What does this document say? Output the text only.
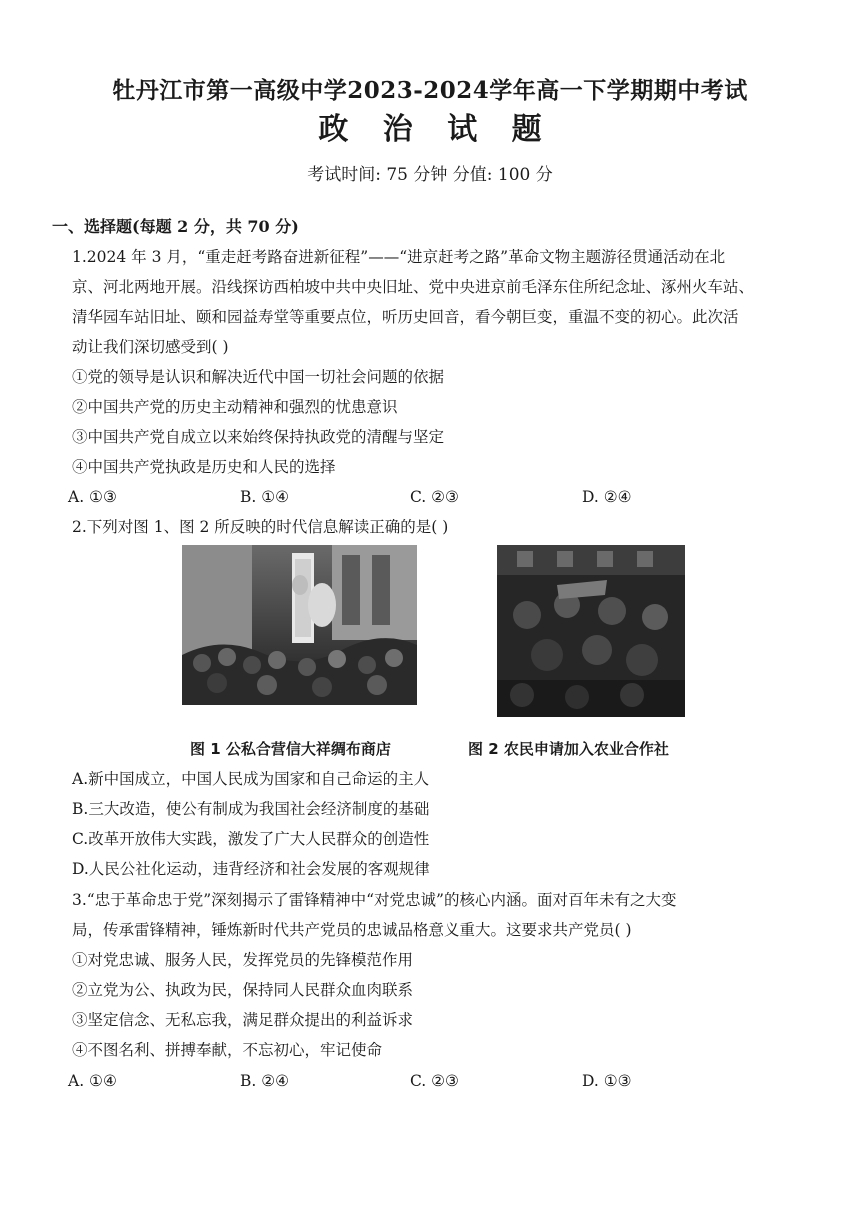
牡丹江市第一高级中学2023-2024学年高一下学期期中考试
政 治 试 题
考试时间: 75 分钟 分值: 100 分
一、选择题(每题 2 分，共 70 分)
1.2024 年 3 月，“重走赶考路奋进新征程”——“进京赶考之路”革命文物主题游径贯通活动在北
京、河北两地开展。沿线探访西柏坡中共中央旧址、党中央进京前毛泽东住所纪念址、涿州火车站、
清华园车站旧址、颐和园益寿堂等重要点位，听历史回音，看今朝巨变，重温不变的初心。此次活
动让我们深切感受到( )
①党的领导是认识和解决近代中国一切社会问题的依据
②中国共产党的历史主动精神和强烈的忧患意识
③中国共产党自成立以来始终保持执政党的清醒与坚定
④中国共产党执政是历史和人民的选择
A. ①③	B. ①④	C. ②③	D. ②④
2.下列对图 1、图 2 所反映的时代信息解读正确的是( )
图 1 公私合营信大祥绸布商店	图 2 农民申请加入农业合作社
A.新中国成立，中国人民成为国家和自己命运的主人
B.三大改造，使公有制成为我国社会经济制度的基础
C.改革开放伟大实践，激发了广大人民群众的创造性
D.人民公社化运动，违背经济和社会发展的客观规律
3.“忠于革命忠于党”深刻揭示了雷锋精神中“对党忠诚”的核心内涵。面对百年未有之大变
局，传承雷锋精神，锤炼新时代共产党员的忠诚品格意义重大。这要求共产党员( )
①对党忠诚、服务人民，发挥党员的先锋模范作用
②立党为公、执政为民，保持同人民群众血肉联系
③坚定信念、无私忘我，满足群众提出的利益诉求
④不图名利、拼搏奉献，不忘初心，牢记使命
A. ①④	B. ②④	C. ②③	D. ①③
